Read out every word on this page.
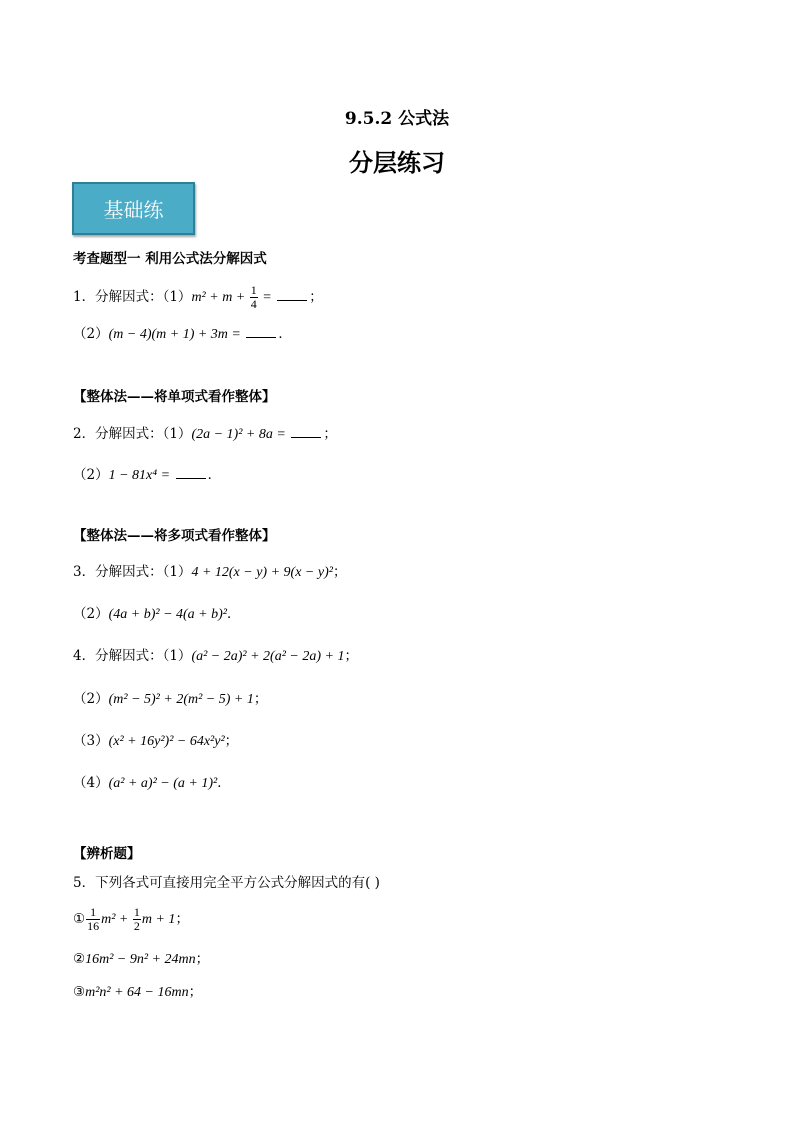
9.5.2 公式法
分层练习
基础练
考查题型一 利用公式法分解因式
1．分解因式：$(1)m^2 + m + \frac{1}{4}$ =	；
（2）(m − 4)(m + 1) + 3m =	．
【整体法——将单项式看作整体】
2．分解因式：（1）(2a − 1)² + 8a =	；
（2）1 − 81x⁴ =	．
【整体法——将多项式看作整体】
3．分解因式：（1）4 + 12(x − y) + 9(x − y)²；
（2）(4a + b)² − 4(a + b)²．
4．分解因式：（1）(a² − 2a)² + 2(a² − 2a) + 1；
（2）(m² − 5)² + 2(m² − 5) + 1；
（3）(x² + 16y²)² − 64x²y²；
（4）(a² + a)² − (a + 1)²．
【辨析题】
5．下列各式可直接用完全平方公式分解因式的有( )
① $\frac{1}{16} m^2 + \frac{1}{2}$ m + 1；
②16m² − 9n² + 24mn；
③m²n² + 64 − 16mn；
